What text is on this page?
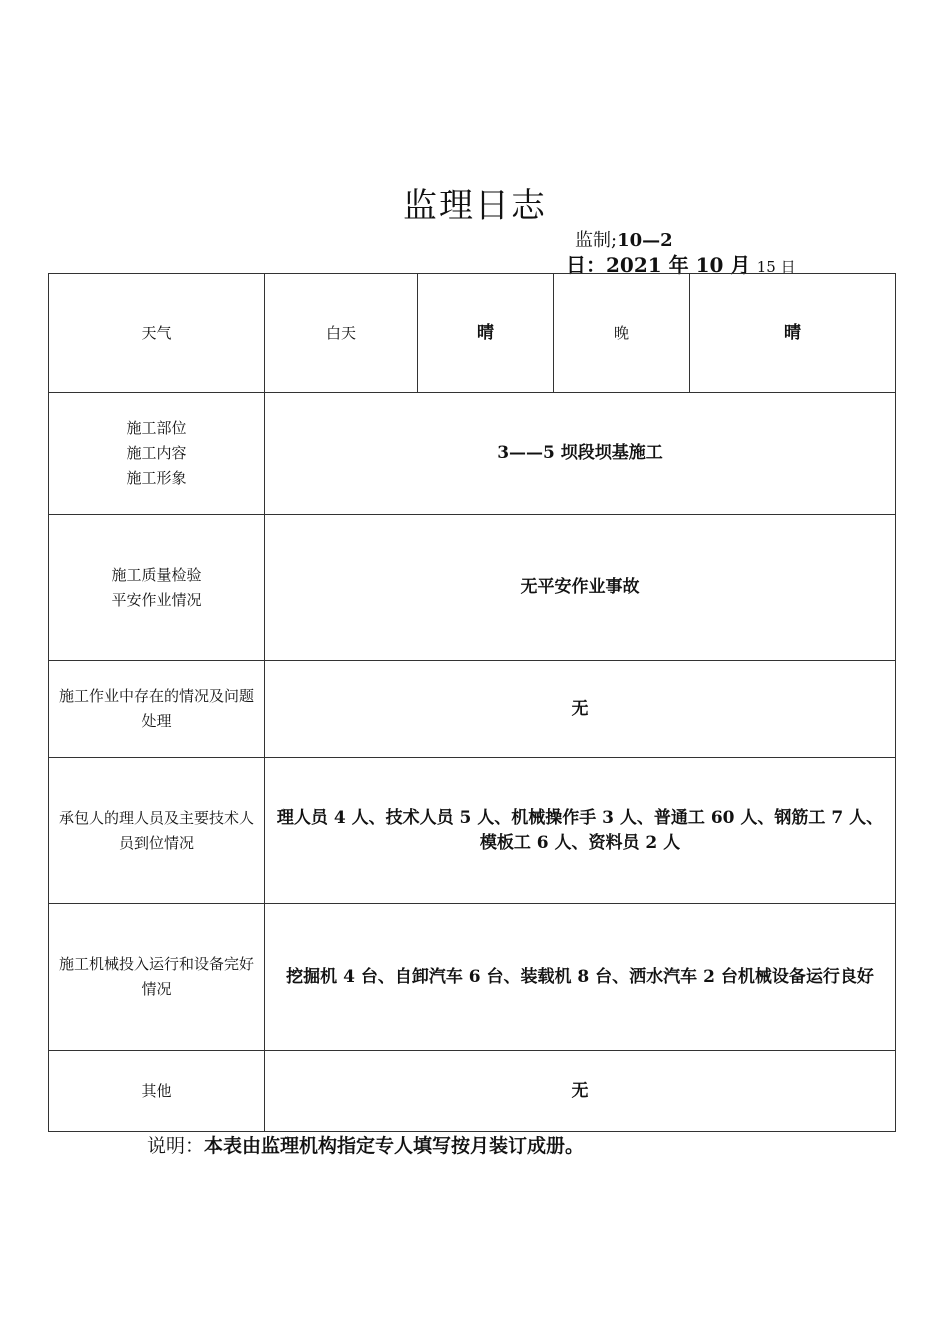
监理日志
监制;10—2
日：2021 年 10 月 15 日
天气	白天	晴	晚	晴

施工部位
施工内容
施工形象	3——5 坝段坝基施工			

施工质量检验
平安作业情况	无平安作业事故			
施工作业中存在的情况及问题处理	无			
承包人的理人员及主要技术人员到位情况	理人员 4 人、技术人员 5 人、机械操作手 3 人、普通工 60 人、钢筋工 7 人、模板工 6 人、资料员 2 人			
施工机械投入运行和设备完好情况	挖掘机 4 台、自卸汽车 6 台、装载机 8 台、洒水汽车 2 台机械设备运行良好			
其他	无			
说明：本表由监理机构指定专人填写按月装订成册。
